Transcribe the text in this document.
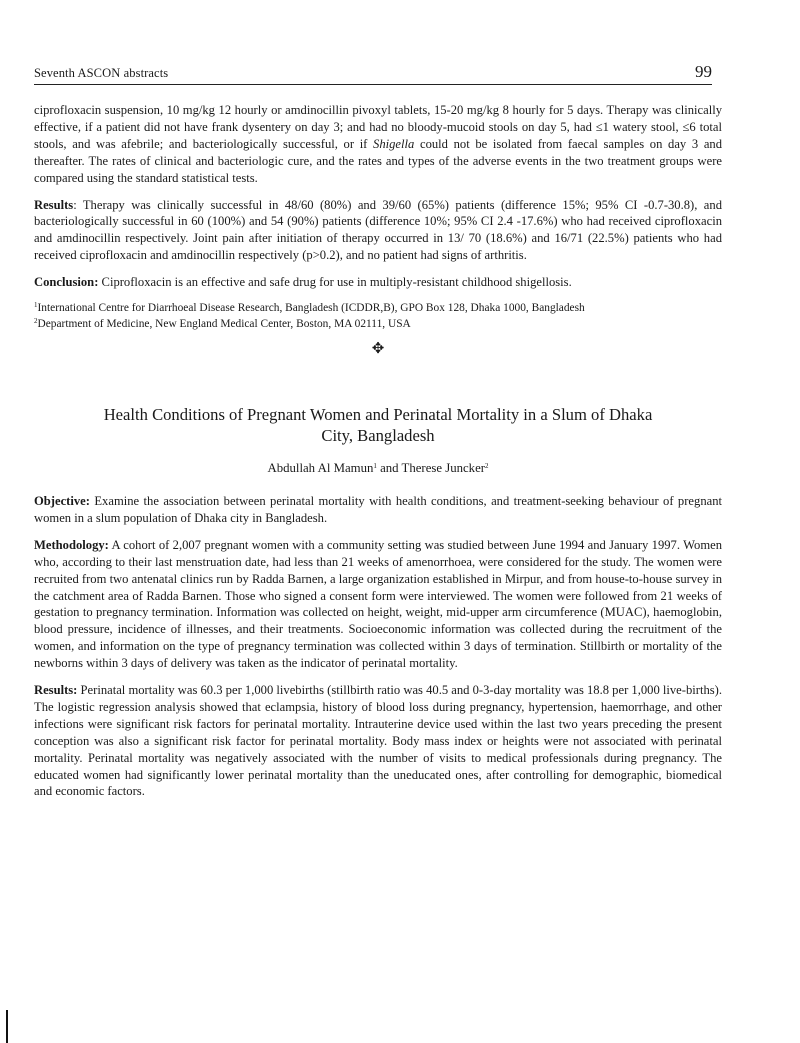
Seventh ASCON abstracts	99

ciprofloxacin suspension, 10 mg/kg 12 hourly or amdinocillin pivoxyl tablets, 15-20 mg/kg 8 hourly for 5 days. Therapy was clinically effective, if a patient did not have frank dysentery on day 3; and had no bloody-mucoid stools on day 5, had ≤1 watery stool, ≤6 total stools, and was afebrile; and bacteriologically successful, or if Shigella could not be isolated from faecal samples on day 3 and thereafter. The rates of clinical and bacteriologic cure, and the rates and types of the adverse events in the two treatment groups were compared using the standard statistical tests.

Results: Therapy was clinically successful in 48/60 (80%) and 39/60 (65%) patients (difference 15%; 95% CI -0.7-30.8), and bacteriologically successful in 60 (100%) and 54 (90%) patients (difference 10%; 95% CI 2.4 -17.6%) who had received ciprofloxacin and amdinocillin respectively. Joint pain after initiation of therapy occurred in 13/ 70 (18.6%) and 16/71 (22.5%) patients who had received ciprofloxacin and amdinocillin respectively (p>0.2), and no patient had signs of arthritis.

Conclusion: Ciprofloxacin is an effective and safe drug for use in multiply-resistant childhood shigellosis.

$^1$International Centre for Diarrhoeal Disease Research, Bangladesh (ICDDR,B), GPO Box 128, Dhaka 1000, Bangladesh
$^2$Department of Medicine, New England Medical Center, Boston, MA 02111, USA
✥
Health Conditions of Pregnant Women and Perinatal Mortality in a Slum of Dhaka City, Bangladesh
Abdullah Al Mamun$^1$ and Therese Juncker$^2$

Objective: Examine the association between perinatal mortality with health conditions, and treatment-seeking behaviour of pregnant women in a slum population of Dhaka city in Bangladesh.

Methodology: A cohort of 2,007 pregnant women with a community setting was studied between June 1994 and January 1997. Women who, according to their last menstruation date, had less than 21 weeks of amenorrhoea, were considered for the study. The women were recruited from two antenatal clinics run by Radda Barnen, a large organization established in Mirpur, and from house-to-house survey in the catchment area of Radda Barnen. Those who signed a consent form were interviewed. The women were followed from 21 weeks of gestation to pregnancy termination. Information was collected on height, weight, mid-upper arm circumference (MUAC), haemoglobin, blood pressure, incidence of illnesses, and their treatments. Socioeconomic information was collected during the recruitment of the women, and information on the type of pregnancy termination was collected within 3 days of termination. Stillbirth or mortality of the newborns within 3 days of delivery was taken as the indicator of perinatal mortality.

Results: Perinatal mortality was 60.3 per 1,000 livebirths (stillbirth ratio was 40.5 and 0-3-day mortality was 18.8 per 1,000 live-births). The logistic regression analysis showed that eclampsia, history of blood loss during pregnancy, hypertension, haemorrhage, and other infections were significant risk factors for perinatal mortality. Intrauterine device used within the last two years preceding the present conception was also a significant risk factor for perinatal mortality. Body mass index or heights were not associated with perinatal mortality. Perinatal mortality was negatively associated with the number of visits to medical professionals during pregnancy. The educated women had significantly lower perinatal mortality than the uneducated ones, after controlling for demographic, biomedical and economic factors.
